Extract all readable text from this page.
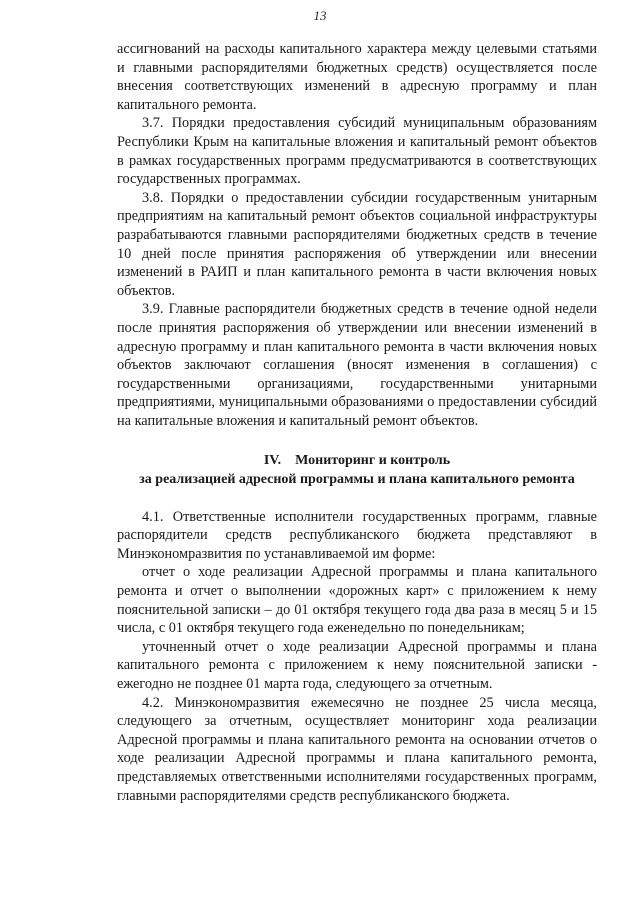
13

ассигнований на расходы капитального характера между целевыми статьями и главными распорядителями бюджетных средств) осуществляется после внесения соответствующих изменений в адресную программу и план капитального ремонта.

3.7. Порядки предоставления субсидий муниципальным образованиям Республики Крым на капитальные вложения и капитальный ремонт объектов в рамках государственных программ предусматриваются в соответствующих государственных программах.

3.8. Порядки о предоставлении субсидии государственным унитарным предприятиям на капитальный ремонт объектов социальной инфраструктуры разрабатываются главными распорядителями бюджетных средств в течение 10 дней после принятия распоряжения об утверждении или внесении изменений в РАИП и план капитального ремонта в части включения новых объектов.

3.9. Главные распорядители бюджетных средств в течение одной недели после принятия распоряжения об утверждении или внесении изменений в адресную программу и план капитального ремонта в части включения новых объектов заключают соглашения (вносят изменения в соглашения) с государственными организациями, государственными унитарными предприятиями, муниципальными образованиями о предоставлении субсидий на капитальные вложения и капитальный ремонт объектов.

IV. Мониторинг и контроль
за реализацией адресной программы и плана капитального ремонта

4.1. Ответственные исполнители государственных программ, главные распорядители средств республиканского бюджета представляют в Минэкономразвития по устанавливаемой им форме:

отчет о ходе реализации Адресной программы и плана капитального ремонта и отчет о выполнении «дорожных карт» с приложением к нему пояснительной записки – до 01 октября текущего года два раза в месяц 5 и 15 числа, с 01 октября текущего года еженедельно по понедельникам;

уточненный отчет о ходе реализации Адресной программы и плана капитального ремонта с приложением к нему пояснительной записки - ежегодно не позднее 01 марта года, следующего за отчетным.

4.2. Минэкономразвития ежемесячно не позднее 25 числа месяца, следующего за отчетным, осуществляет мониторинг хода реализации Адресной программы и плана капитального ремонта на основании отчетов о ходе реализации Адресной программы и плана капитального ремонта, представляемых ответственными исполнителями государственных программ, главными распорядителями средств республиканского бюджета.
